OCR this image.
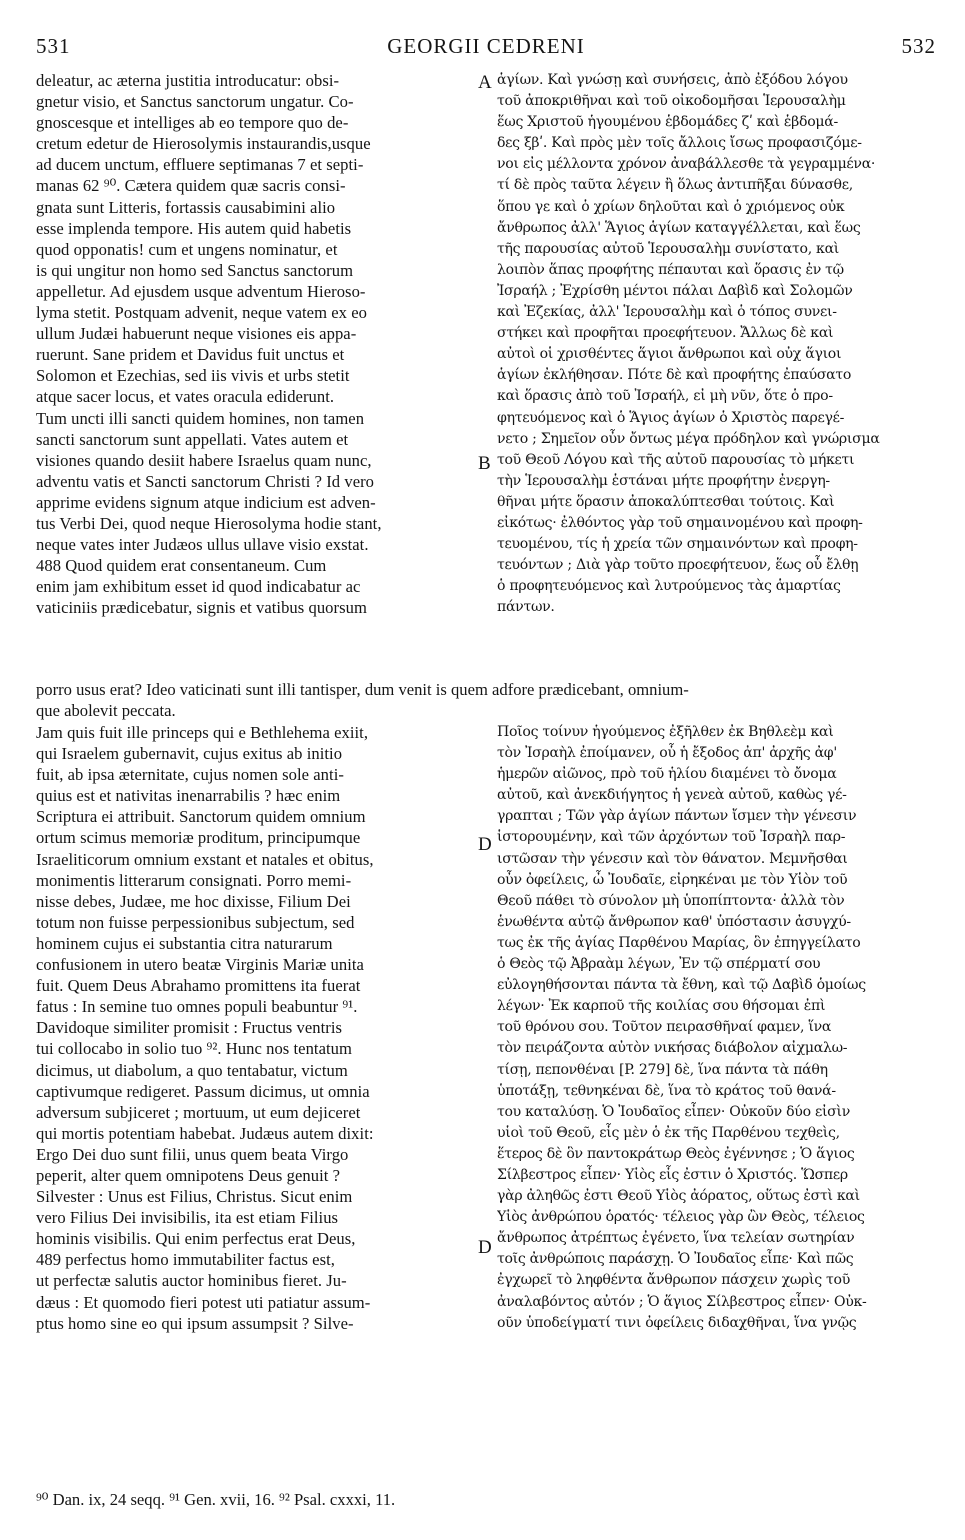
531	GEORGII CEDRENI	532
A
B
D
D
deleatur, ac æterna justitia introducatur: obsi-
gnetur visio, et Sanctus sanctorum ungatur. Co-
gnoscesque et intelliges ab eo tempore quo de-
cretum edetur de Hierosolymis instaurandis,usque
ad ducem unctum, effluere septimanas 7 et septi-
manas 62 ⁹⁰. Cætera quidem quæ sacris consi-
gnata sunt Litteris, fortassis causabimini alio
esse implenda tempore. His autem quid habetis
quod opponatis! cum et ungens nominatur, et
is qui ungitur non homo sed Sanctus sanctorum
appelletur. Ad ejusdem usque adventum Hieroso-
lyma stetit. Postquam advenit, neque vatem ex eo
ullum Judæi habuerunt neque visiones eis appa-
ruerunt. Sane pridem et Davidus fuit unctus et
Solomon et Ezechias, sed iis vivis et urbs stetit
atque sacer locus, et vates oracula ediderunt.
Tum uncti illi sancti quidem homines, non tamen
sancti sanctorum sunt appellati. Vates autem et
visiones quando desiit habere Israelus quam nunc,
adventu vatis et Sancti sanctorum Christi ? Id vero
apprime evidens signum atque indicium est adven-
tus Verbi Dei, quod neque Hierosolyma hodie stant,
neque vates inter Judæos ullus ullave visio exstat.
488 Quod quidem erat consentaneum. Cum
enim jam exhibitum esset id quod indicabatur ac
vaticiniis prædicebatur, signis et vatibus quorsum
ἁγίων. Καὶ γνώσῃ καὶ συνήσεις, ἀπὸ ἐξόδου λόγου
τοῦ ἀποκριθῆναι καὶ τοῦ οἰκοδομῆσαι Ἱερουσαλὴμ
ἕως Χριστοῦ ἡγουμένου ἑβδομάδες ζʹ καὶ ἑβδομά-
δες ξβʹ. Καὶ πρὸς μὲν τοῖς ἄλλοις ἴσως προφασιζόμε-
νοι εἰς μέλλοντα χρόνον ἀναβάλλεσθε τὰ γεγραμμένα·
τί δὲ πρὸς ταῦτα λέγειν ἢ ὅλως ἀντιπῆξαι δύνασθε,
ὅπου γε καὶ ὁ χρίων δηλοῦται καὶ ὁ χριόμενος οὐκ
ἄνθρωπος ἀλλ' Ἅγιος ἁγίων καταγγέλλεται, καὶ ἕως
τῆς παρουσίας αὐτοῦ Ἱερουσαλὴμ συνίστατο, καὶ
λοιπὸν ἅπας προφήτης πέπαυται καὶ ὅρασις ἐν τῷ
Ἰσραήλ ; Ἐχρίσθη μέντοι πάλαι Δαβὶδ καὶ Σολομῶν
καὶ Ἐζεκίας, ἀλλ' Ἱερουσαλὴμ καὶ ὁ τόπος συνει-
στήκει καὶ προφῆται προεφήτευον. Ἄλλως δὲ καὶ
αὐτοὶ οἱ χρισθέντες ἅγιοι ἄνθρωποι καὶ οὐχ ἅγιοι
ἁγίων ἐκλήθησαν. Πότε δὲ καὶ προφήτης ἐπαύσατο
καὶ ὅρασις ἀπὸ τοῦ Ἰσραήλ, εἰ μὴ νῦν, ὅτε ὁ προ-
φητευόμενος καὶ ὁ Ἅγιος ἁγίων ὁ Χριστὸς παρεγέ-
νετο ; Σημεῖον οὖν ὄντως μέγα πρόδηλον καὶ γνώρισμα
τοῦ Θεοῦ Λόγου καὶ τῆς αὐτοῦ παρουσίας τὸ μήκετι
τὴν Ἱερουσαλὴμ ἑστάναι μήτε προφήτην ἐνεργη-
θῆναι μήτε ὅρασιν ἀποκαλύπτεσθαι τούτοις. Καὶ
εἰκότως· ἐλθόντος γὰρ τοῦ σημαινομένου καὶ προφη-
τευομένου, τίς ἡ χρεία τῶν σημαινόντων καὶ προφη-
τευόντων ; Διὰ γὰρ τοῦτο προεφήτευον, ἕως οὗ ἔλθῃ
ὁ προφητευόμενος καὶ λυτρούμενος τὰς ἁμαρτίας
πάντων.
porro usus erat? Ideo vaticinati sunt illi tantisper, dum venit is quem adfore prædicebant, omnium-
que abolevit peccata.
Jam quis fuit ille princeps qui e Bethlehema exiit,
qui Israelem gubernavit, cujus exitus ab initio
fuit, ab ipsa æternitate, cujus nomen sole anti-
quius est et nativitas inenarrabilis ? hæc enim
Scriptura ei attribuit. Sanctorum quidem omnium
ortum scimus memoriæ proditum, principumque
Israeliticorum omnium exstant et natales et obitus,
monimentis litterarum consignati. Porro memi-
nisse debes, Judæe, me hoc dixisse, Filium Dei
totum non fuisse perpessionibus subjectum, sed
hominem cujus ei substantia citra naturarum
confusionem in utero beatæ Virginis Mariæ unita
fuit. Quem Deus Abrahamo promittens ita fuerat
fatus : In semine tuo omnes populi beabuntur ⁹¹.
Davidoque similiter promisit : Fructus ventris
tui collocabo in solio tuo ⁹². Hunc nos tentatum
dicimus, ut diabolum, a quo tentabatur, victum
captivumque redigeret. Passum dicimus, ut omnia
adversum subjiceret ; mortuum, ut eum dejiceret
qui mortis potentiam habebat. Judæus autem dixit:
Ergo Dei duo sunt filii, unus quem beata Virgo
peperit, alter quem omnipotens Deus genuit ?
Silvester : Unus est Filius, Christus. Sicut enim
vero Filius Dei invisibilis, ita est etiam Filius
hominis visibilis. Qui enim perfectus erat Deus,
489 perfectus homo immutabiliter factus est,
ut perfectæ salutis auctor hominibus fieret. Ju-
dæus : Et quomodo fieri potest uti patiatur assum-
ptus homo sine eo qui ipsum assumpsit ? Silve-
Ποῖος τοίνυν ἡγούμενος ἐξῆλθεν ἐκ Βηθλεὲμ καὶ
τὸν Ἰσραὴλ ἐποίμανεν, οὗ ἡ ἔξοδος ἀπ' ἀρχῆς ἀφ'
ἡμερῶν αἰῶνος, πρὸ τοῦ ἡλίου διαμένει τὸ ὄνομα
αὐτοῦ, καὶ ἀνεκδιήγητος ἡ γενεὰ αὐτοῦ, καθὼς γέ-
γραπται ; Τῶν γὰρ ἁγίων πάντων ἴσμεν τὴν γένεσιν
ἱστορουμένην, καὶ τῶν ἀρχόντων τοῦ Ἰσραὴλ παρ-
ιστῶσαν τὴν γένεσιν καὶ τὸν θάνατον. Μεμνῆσθαι
οὖν ὀφείλεις, ὦ Ἰουδαῖε, εἰρηκέναι με τὸν Υἱὸν τοῦ
Θεοῦ πάθει τὸ σύνολον μὴ ὑποπίπτοντα· ἀλλὰ τὸν
ἑνωθέντα αὐτῷ ἄνθρωπον καθ' ὑπόστασιν ἀσυγχύ-
τως ἐκ τῆς ἁγίας Παρθένου Μαρίας, ὃν ἐπηγγείλατο
ὁ Θεὸς τῷ Ἀβραὰμ λέγων, Ἐν τῷ σπέρματί σου
εὐλογηθήσονται πάντα τὰ ἔθνη, καὶ τῷ Δαβὶδ ὁμοίως
λέγων· Ἐκ καρποῦ τῆς κοιλίας σου θήσομαι ἐπὶ
τοῦ θρόνου σου. Τοῦτον πειρασθῆναί φαμεν, ἵνα
τὸν πειράζοντα αὐτὸν νικήσας διάβολον αἰχμαλω-
τίσῃ, πεπονθέναι [P. 279] δὲ, ἵνα πάντα τὰ πάθη
ὑποτάξῃ, τεθνηκέναι δὲ, ἵνα τὸ κράτος τοῦ θανά-
του καταλύσῃ. Ὁ Ἰουδαῖος εἶπεν· Οὐκοῦν δύο εἰσὶν
υἱοὶ τοῦ Θεοῦ, εἷς μὲν ὁ ἐκ τῆς Παρθένου τεχθεὶς,
ἕτερος δὲ ὃν παντοκράτωρ Θεὸς ἐγέννησε ; Ὁ ἅγιος
Σίλβεστρος εἶπεν· Υἱὸς εἷς ἐστιν ὁ Χριστός. Ὥσπερ
γὰρ ἀληθῶς ἐστι Θεοῦ Υἱὸς ἀόρατος, οὕτως ἐστὶ καὶ
Υἱὸς ἀνθρώπου ὁρατός· τέλειος γὰρ ὢν Θεὸς, τέλειος
ἄνθρωπος ἀτρέπτως ἐγένετο, ἵνα τελείαν σωτηρίαν
τοῖς ἀνθρώποις παράσχῃ. Ὁ Ἰουδαῖος εἶπε· Καὶ πῶς
ἐγχωρεῖ τὸ ληφθέντα ἄνθρωπον πάσχειν χωρὶς τοῦ
ἀναλαβόντος αὐτόν ; Ὁ ἅγιος Σίλβεστρος εἶπεν· Οὐκ-
οῦν ὑποδείγματί τινι ὀφείλεις διδαχθῆναι, ἵνα γνῷς
⁹⁰ Dan. ix, 24 seqq. ⁹¹ Gen. xvii, 16. ⁹² Psal. cxxxi, 11.
